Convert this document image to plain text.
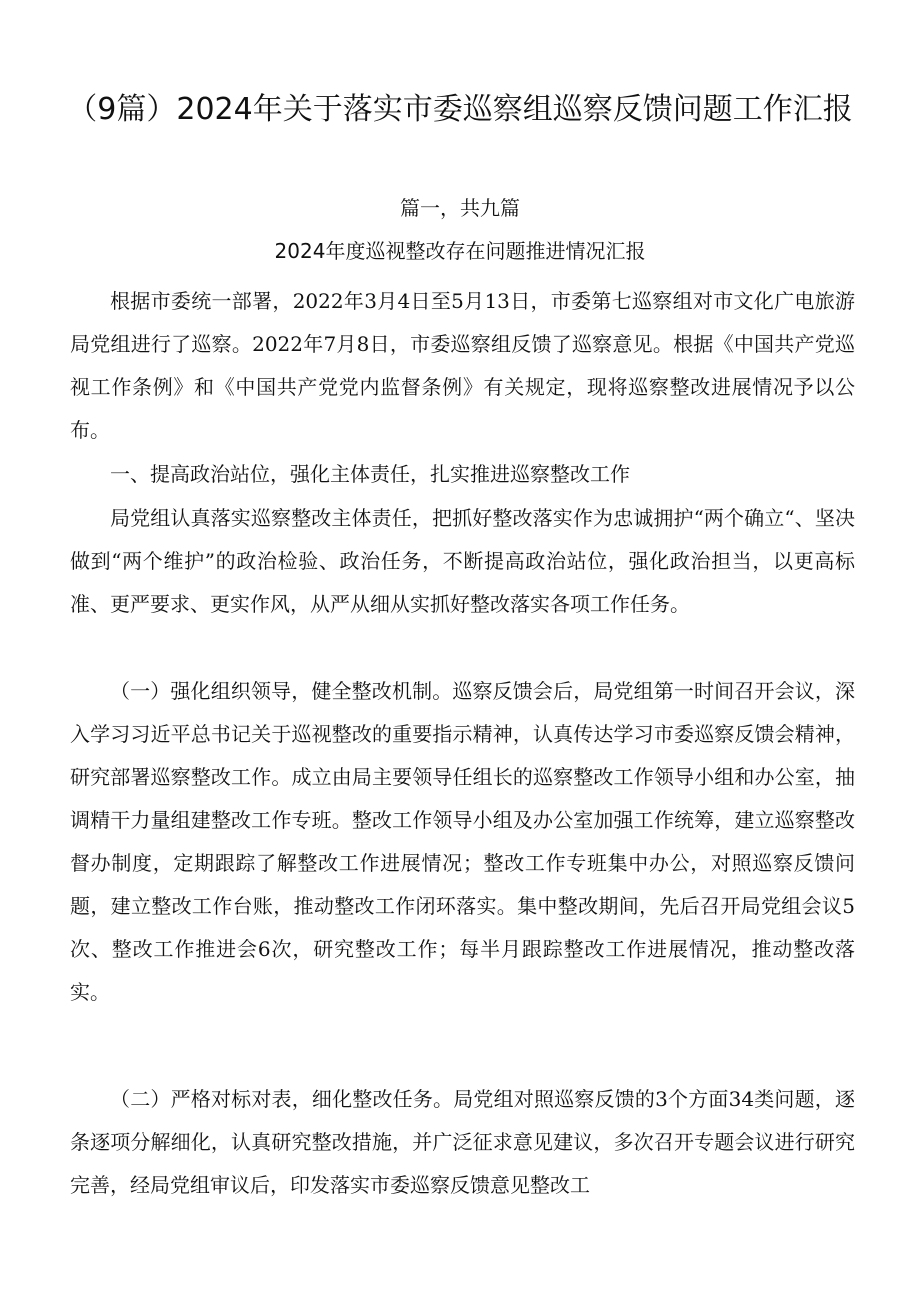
（9篇）2024年关于落实市委巡察组巡察反馈问题工作汇报
篇一，共九篇
2024年度巡视整改存在问题推进情况汇报

根据市委统一部署，2022年3月4日至5月13日，市委第七巡察组对市文化广电旅游局党组进行了巡察。2022年7月8日，市委巡察组反馈了巡察意见。根据《中国共产党巡视工作条例》和《中国共产党党内监督条例》有关规定，现将巡察整改进展情况予以公布。

一、提高政治站位，强化主体责任，扎实推进巡察整改工作

局党组认真落实巡察整改主体责任，把抓好整改落实作为忠诚拥护“两个确立“、坚决做到“两个维护”的政治检验、政治任务，不断提高政治站位，强化政治担当，以更高标准、更严要求、更实作风，从严从细从实抓好整改落实各项工作任务。

（一）强化组织领导，健全整改机制。巡察反馈会后，局党组第一时间召开会议，深入学习习近平总书记关于巡视整改的重要指示精神，认真传达学习市委巡察反馈会精神，研究部署巡察整改工作。成立由局主要领导任组长的巡察整改工作领导小组和办公室，抽调精干力量组建整改工作专班。整改工作领导小组及办公室加强工作统筹，建立巡察整改督办制度，定期跟踪了解整改工作进展情况；整改工作专班集中办公，对照巡察反馈问题，建立整改工作台账，推动整改工作闭环落实。集中整改期间，先后召开局党组会议5次、整改工作推进会6次，研究整改工作；每半月跟踪整改工作进展情况，推动整改落实。

（二）严格对标对表，细化整改任务。局党组对照巡察反馈的3个方面34类问题，逐条逐项分解细化，认真研究整改措施，并广泛征求意见建议，多次召开专题会议进行研究完善，经局党组审议后，印发落实市委巡察反馈意见整改工
